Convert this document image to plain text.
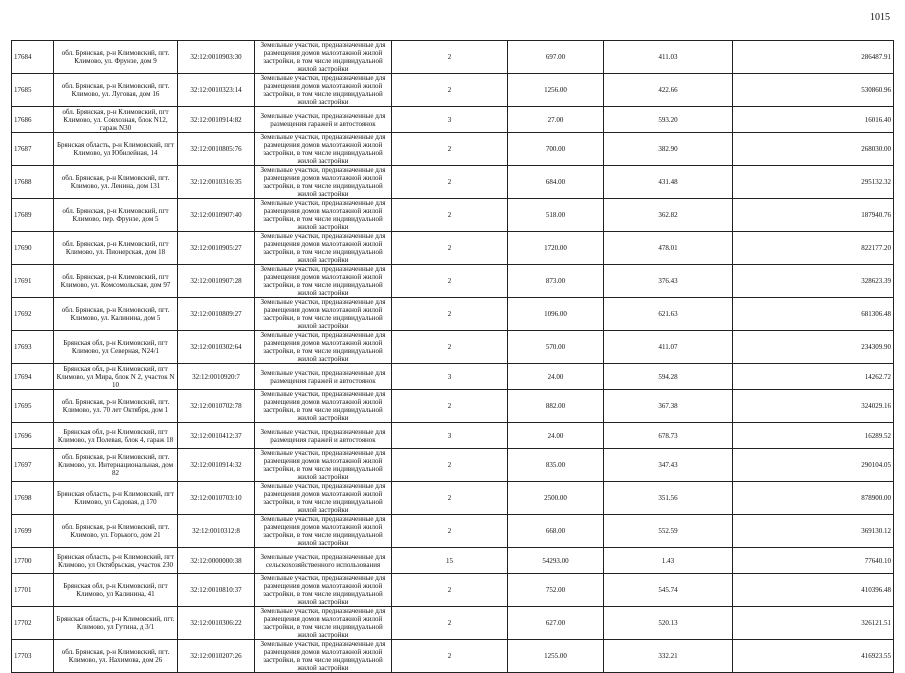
1015
17684	обл. Брянская, р-н Климовский, пгт. Климово, ул. Фрунзе, дом 9	32:12:0010903:30	Земельные участки, предназначенные для размещения домов малоэтажной жилой застройки, в том числе индивидуальной жилой застройки	2	697.00	411.03	286487.91
17685	обл. Брянская, р-н Климовский, пгт. Климово, ул. Луговая, дом 16	32:12:0010323:14	Земельные участки, предназначенные для размещения домов малоэтажной жилой застройки, в том числе индивидуальной жилой застройки	2	1256.00	422.66	530860.96
17686	обл. Брянская, р-н Климовский, пгт Климово, ул. Совхозная, блок N12, гараж N30	32:12:0010914:82	Земельные участки, предназначенные для размещения гаражей и автостоянок	3	27.00	593.20	16016.40
17687	Брянская область, р-н Климовский, пгт Климово, ул Юбилейная, 14	32:12:0010805:76	Земельные участки, предназначенные для размещения домов малоэтажной жилой застройки, в том числе индивидуальной жилой застройки	2	700.00	382.90	268030.00
17688	обл. Брянская, р-н Климовский, пгт. Климово, ул. Ленина, дом 131	32:12:0010316:35	Земельные участки, предназначенные для размещения домов малоэтажной жилой застройки, в том числе индивидуальной жилой застройки	2	684.00	431.48	295132.32
17689	обл. Брянская, р-н Климовский, пгт Климово, пер. Фрунзе, дом 5	32:12:0010907:40	Земельные участки, предназначенные для размещения домов малоэтажной жилой застройки, в том числе индивидуальной жилой застройки	2	518.00	362.82	187940.76
17690	обл. Брянская, р-н Климовский, пгт Климово, ул. Пионерская, дом 18	32:12:0010905:27	Земельные участки, предназначенные для размещения домов малоэтажной жилой застройки, в том числе индивидуальной жилой застройки	2	1720.00	478.01	822177.20
17691	обл. Брянская, р-н Климовский, пгт Климово, ул. Комсомольская, дом 97	32:12:0010907:28	Земельные участки, предназначенные для размещения домов малоэтажной жилой застройки, в том числе индивидуальной жилой застройки	2	873.00	376.43	328623.39
17692	обл. Брянская, р-н Климовский, пгт. Климово, ул. Калинина, дом 5	32:12:0010809:27	Земельные участки, предназначенные для размещения домов малоэтажной жилой застройки, в том числе индивидуальной жилой застройки	2	1096.00	621.63	681306.48
17693	Брянская обл, р-н Климовский, пгт Климово, ул Северная, N24/1	32:12:0010302:64	Земельные участки, предназначенные для размещения домов малоэтажной жилой застройки, в том числе индивидуальной жилой застройки	2	570.00	411.07	234309.90
17694	Брянская обл, р-н Климовский, пгт Климово, ул Мира, блок N 2, участок N 10	32:12:0010920:7	Земельные участки, предназначенные для размещения гаражей и автостоянок	3	24.00	594.28	14262.72
17695	обл. Брянская, р-н Климовский, пгт. Климово, ул. 70 лет Октября, дом 1	32:12:0010702:78	Земельные участки, предназначенные для размещения домов малоэтажной жилой застройки, в том числе индивидуальной жилой застройки	2	882.00	367.38	324029.16
17696	Брянская обл, р-н Климовский, пгт Климово, ул Полевая, блок 4, гараж 18	32:12:0010412:37	Земельные участки, предназначенные для размещения гаражей и автостоянок	3	24.00	678.73	16289.52
17697	обл. Брянская, р-н Климовский, пгт. Климово, ул. Интернациональная, дом 82	32:12:0010914:32	Земельные участки, предназначенные для размещения домов малоэтажной жилой застройки, в том числе индивидуальной жилой застройки	2	835.00	347.43	290104.05
17698	Брянская область, р-н Климовский, пгт Климово, ул Садовая, д 170	32:12:0010703:10	Земельные участки, предназначенные для размещения домов малоэтажной жилой застройки, в том числе индивидуальной жилой застройки	2	2500.00	351.56	878900.00
17699	обл. Брянская, р-н Климовский, пгт. Климово, ул. Горького, дом 21	32:12:0010312:8	Земельные участки, предназначенные для размещения домов малоэтажной жилой застройки, в том числе индивидуальной жилой застройки	2	668.00	552.59	369130.12
17700	Брянская область, р-н Климовский, пгт Климово, ул Октябрьская, участок 230	32:12:0000000:38	Земельные участки, предназначенные для сельскохозяйственного использования	15	54293.00	1.43	77640.10
17701	Брянская обл, р-н Климовский, пгт Климово, ул Калинина, 41	32:12:0010810:37	Земельные участки, предназначенные для размещения домов малоэтажной жилой застройки, в том числе индивидуальной жилой застройки	2	752.00	545.74	410396.48
17702	Брянская область, р-н Климовский, пгт. Климово, ул Гутина, д 3/1	32:12:0010306:22	Земельные участки, предназначенные для размещения домов малоэтажной жилой застройки, в том числе индивидуальной жилой застройки	2	627.00	520.13	326121.51
17703	обл. Брянская, р-н Климовский, пгт. Климово, ул. Нахимова, дом 26	32:12:0010207:26	Земельные участки, предназначенные для размещения домов малоэтажной жилой застройки, в том числе индивидуальной жилой застройки	2	1255.00	332.21	416923.55
